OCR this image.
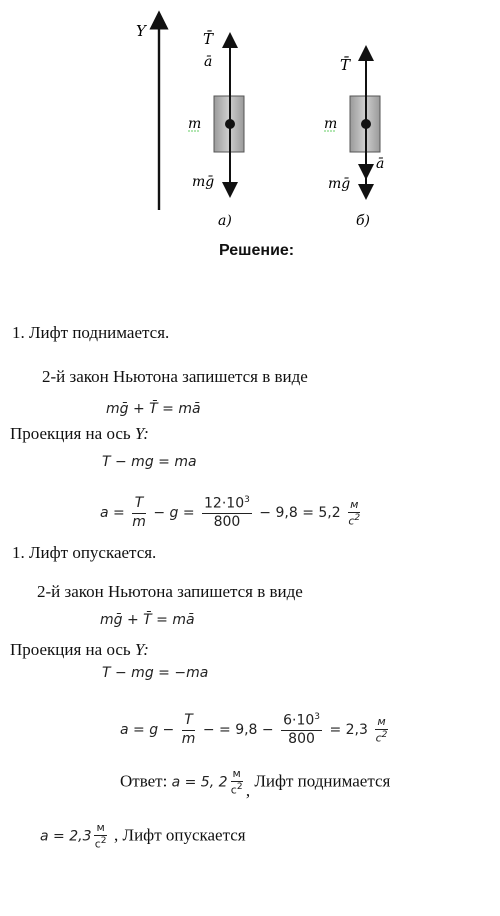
Y	T̄
ā
m
mḡ
а)
T̄
ā
m
mḡ
б)
Решение:
1. Лифт поднимается.
2-й закон Ньютона запишется в виде
mḡ + T̄ = mā
Проекция на ось Y:
T − mg = ma
$a = \frac{T}{m} - g = \frac{12\cdot 10^3}{800} - 9,8 = 5,2 \frac{м}{с^2}$
1. Лифт опускается.
2-й закон Ньютона запишется в виде
mḡ + T̄ = mā
Проекция на ось Y:
T − mg = −ma
$a = g - \frac{T}{m}$ − = $9,8 - \frac{6\cdot 10^3}{800} = 2,3 \frac{м}{с^2}$
Ответ: a = 5, $2 \frac{м}{с^2}$ , Лифт поднимается
$a = 2,3 \frac{м}{с^2}$ , Лифт опускается
